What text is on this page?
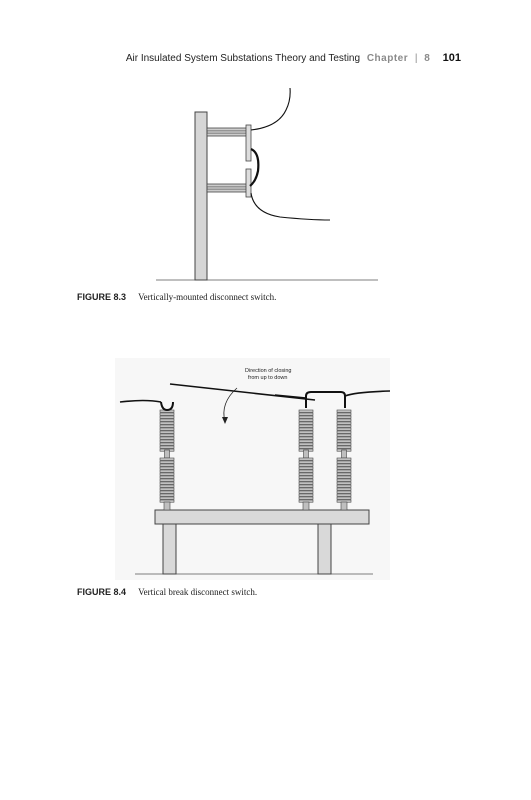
Air Insulated System Substations Theory and Testing Chapter | 8 101
FIGURE 8.3 Vertically-mounted disconnect switch.
Direction of closing
from up to down
FIGURE 8.4 Vertical break disconnect switch.
